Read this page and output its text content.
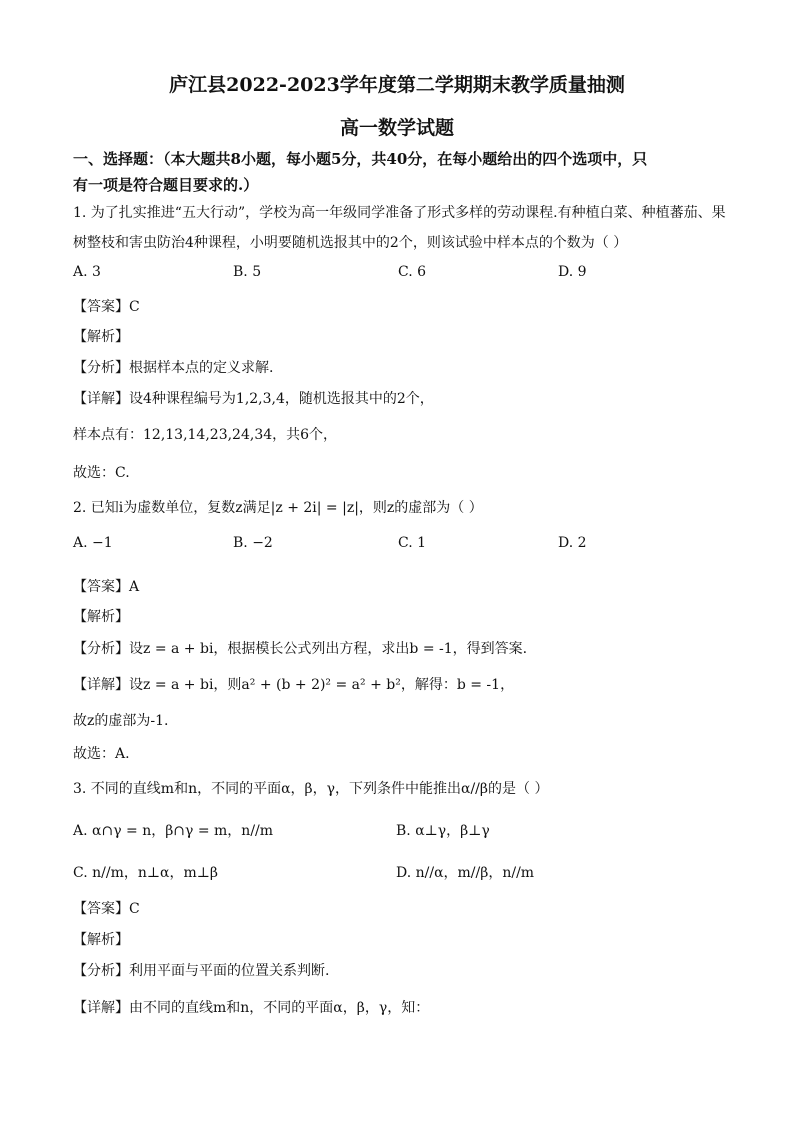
庐江县2022-2023学年度第二学期期末教学质量抽测
高一数学试题
一、选择题：（本大题共8小题，每小题5分，共40分，在每小题给出的四个选项中，只
有一项是符合题目要求的.）
1. 为了扎实推进“五大行动”，学校为高一年级同学准备了形式多样的劳动课程.有种植白菜、种植蕃茄、果
树整枝和害虫防治4种课程，小明要随机选报其中的2个，则该试验中样本点的个数为（ ）
A. 3	B. 5	C. 6	D. 9
【答案】C
【解析】
【分析】根据样本点的定义求解.
【详解】设4种课程编号为1,2,3,4，随机选报其中的2个，
样本点有：12,13,14,23,24,34，共6个，
故选：C.
2. 已知i为虚数单位，复数z满足|z + 2i| = |z|，则z的虚部为（ ）
A. −1	B. −2	C. 1	D. 2
【答案】A
【解析】
【分析】设z = a + bi，根据模长公式列出方程，求出b = -1，得到答案.
【详解】设z = a + bi，则a² + (b + 2)² = a² + b²，解得：b = -1，
故z的虚部为-1.
故选：A.
3. 不同的直线m和n，不同的平面α，β，γ，下列条件中能推出α//β的是（ ）
A. α∩γ = n，β∩γ = m，n//m	B. α⊥γ，β⊥γ
C. n//m，n⊥α，m⊥β	D. n//α，m//β，n//m
【答案】C
【解析】
【分析】利用平面与平面的位置关系判断.
【详解】由不同的直线m和n，不同的平面α，β，γ，知：
